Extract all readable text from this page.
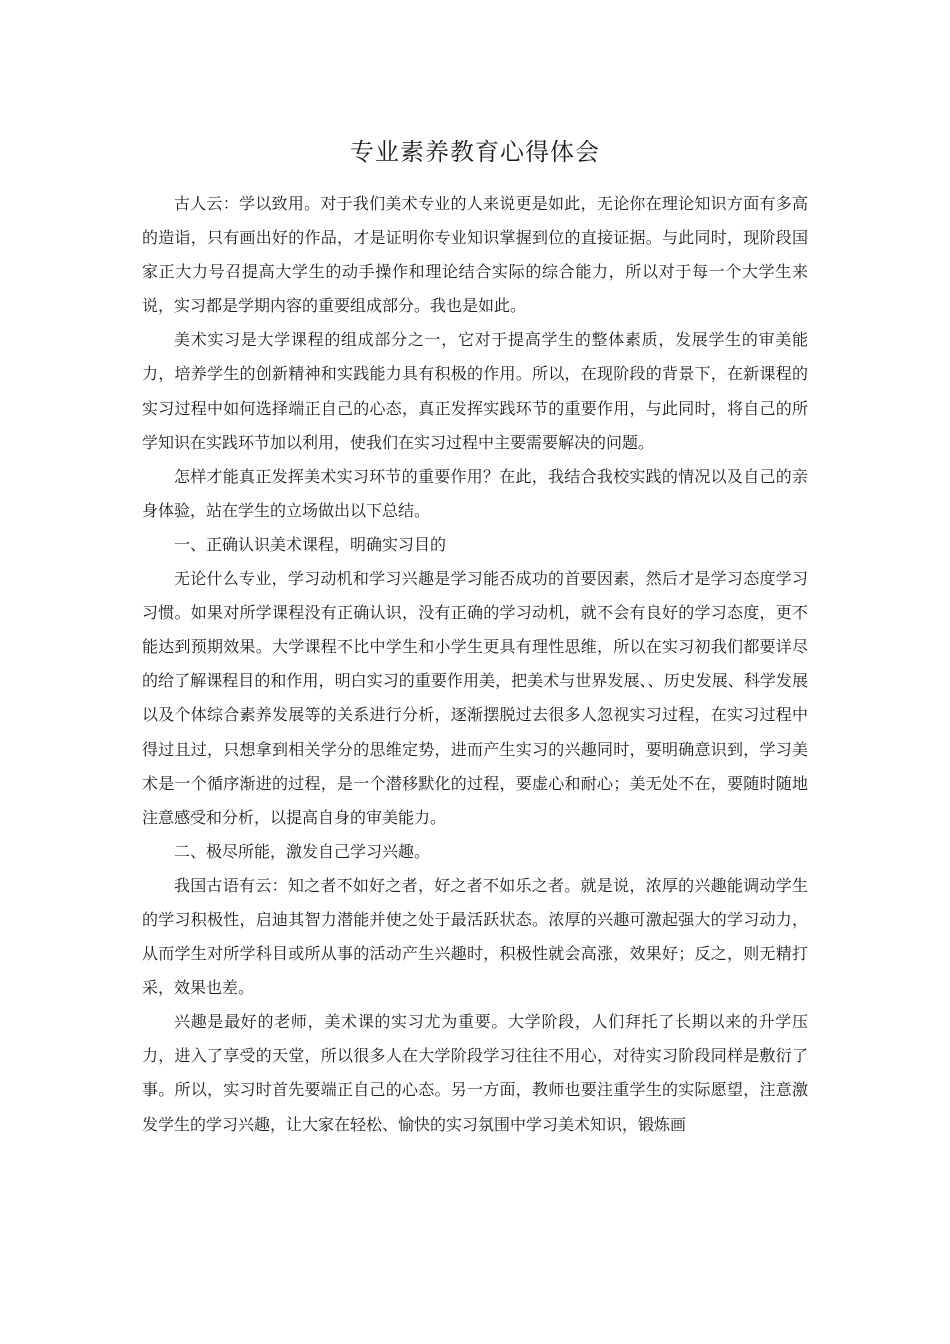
专业素养教育心得体会

古人云：学以致用。对于我们美术专业的人来说更是如此，无论你在理论知识方面有多高的造诣，只有画出好的作品，才是证明你专业知识掌握到位的直接证据。与此同时，现阶段国家正大力号召提高大学生的动手操作和理论结合实际的综合能力，所以对于每一个大学生来说，实习都是学期内容的重要组成部分。我也是如此。

美术实习是大学课程的组成部分之一，它对于提高学生的整体素质，发展学生的审美能力，培养学生的创新精神和实践能力具有积极的作用。所以，在现阶段的背景下，在新课程的实习过程中如何选择端正自己的心态，真正发挥实践环节的重要作用，与此同时，将自己的所学知识在实践环节加以利用，使我们在实习过程中主要需要解决的问题。

怎样才能真正发挥美术实习环节的重要作用？在此，我结合我校实践的情况以及自己的亲身体验，站在学生的立场做出以下总结。

一、正确认识美术课程，明确实习目的

无论什么专业，学习动机和学习兴趣是学习能否成功的首要因素，然后才是学习态度学习习惯。如果对所学课程没有正确认识，没有正确的学习动机，就不会有良好的学习态度，更不能达到预期效果。大学课程不比中学生和小学生更具有理性思维，所以在实习初我们都要详尽的给了解课程目的和作用，明白实习的重要作用美，把美术与世界发展、、历史发展、科学发展以及个体综合素养发展等的关系进行分析，逐渐摆脱过去很多人忽视实习过程，在实习过程中得过且过，只想拿到相关学分的思维定势，进而产生实习的兴趣同时，要明确意识到，学习美术是一个循序渐进的过程，是一个潜移默化的过程，要虚心和耐心；美无处不在，要随时随地注意感受和分析，以提高自身的审美能力。

二、极尽所能，激发自己学习兴趣。

我国古语有云：知之者不如好之者，好之者不如乐之者。就是说，浓厚的兴趣能调动学生的学习积极性，启迪其智力潜能并使之处于最活跃状态。浓厚的兴趣可激起强大的学习动力，从而学生对所学科目或所从事的活动产生兴趣时，积极性就会高涨，效果好；反之，则无精打采，效果也差。

兴趣是最好的老师，美术课的实习尤为重要。大学阶段，人们拜托了长期以来的升学压力，进入了享受的天堂，所以很多人在大学阶段学习往往不用心，对待实习阶段同样是敷衍了事。所以，实习时首先要端正自己的心态。另一方面，教师也要注重学生的实际愿望，注意激发学生的学习兴趣，让大家在轻松、愉快的实习氛围中学习美术知识，锻炼画
